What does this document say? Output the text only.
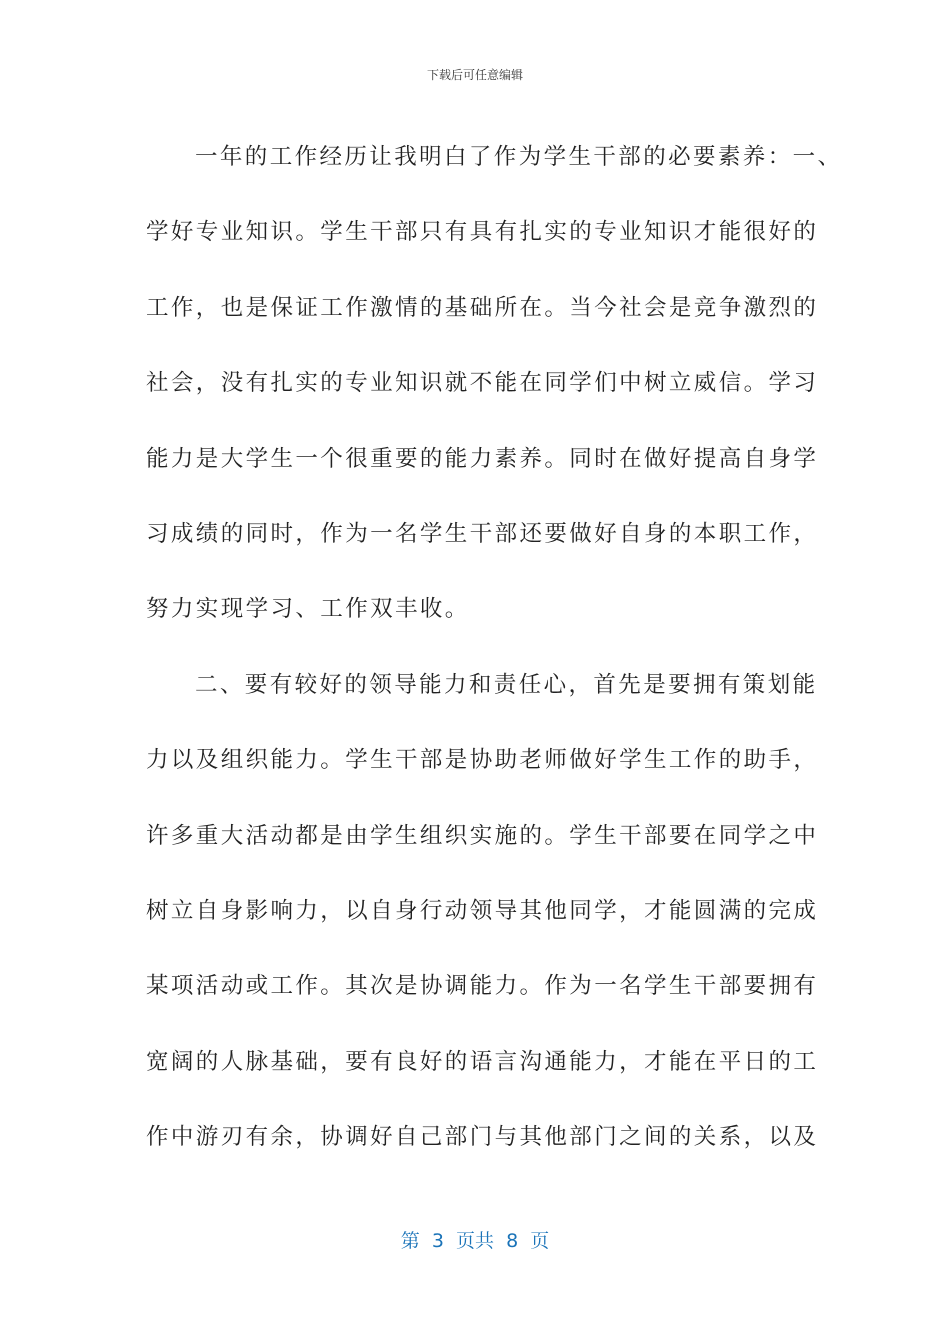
下载后可任意编辑
一年的工作经历让我明白了作为学生干部的必要素养：一、
学好专业知识。学生干部只有具有扎实的专业知识才能很好的
工作，也是保证工作激情的基础所在。当今社会是竞争激烈的
社会，没有扎实的专业知识就不能在同学们中树立威信。学习
能力是大学生一个很重要的能力素养。同时在做好提高自身学
习成绩的同时，作为一名学生干部还要做好自身的本职工作，
努力实现学习、工作双丰收。
二、要有较好的领导能力和责任心，首先是要拥有策划能
力以及组织能力。学生干部是协助老师做好学生工作的助手，
许多重大活动都是由学生组织实施的。学生干部要在同学之中
树立自身影响力，以自身行动领导其他同学，才能圆满的完成
某项活动或工作。其次是协调能力。作为一名学生干部要拥有
宽阔的人脉基础，要有良好的语言沟通能力，才能在平日的工
作中游刃有余，协调好自己部门与其他部门之间的关系，以及
第  3  页共  8  页
